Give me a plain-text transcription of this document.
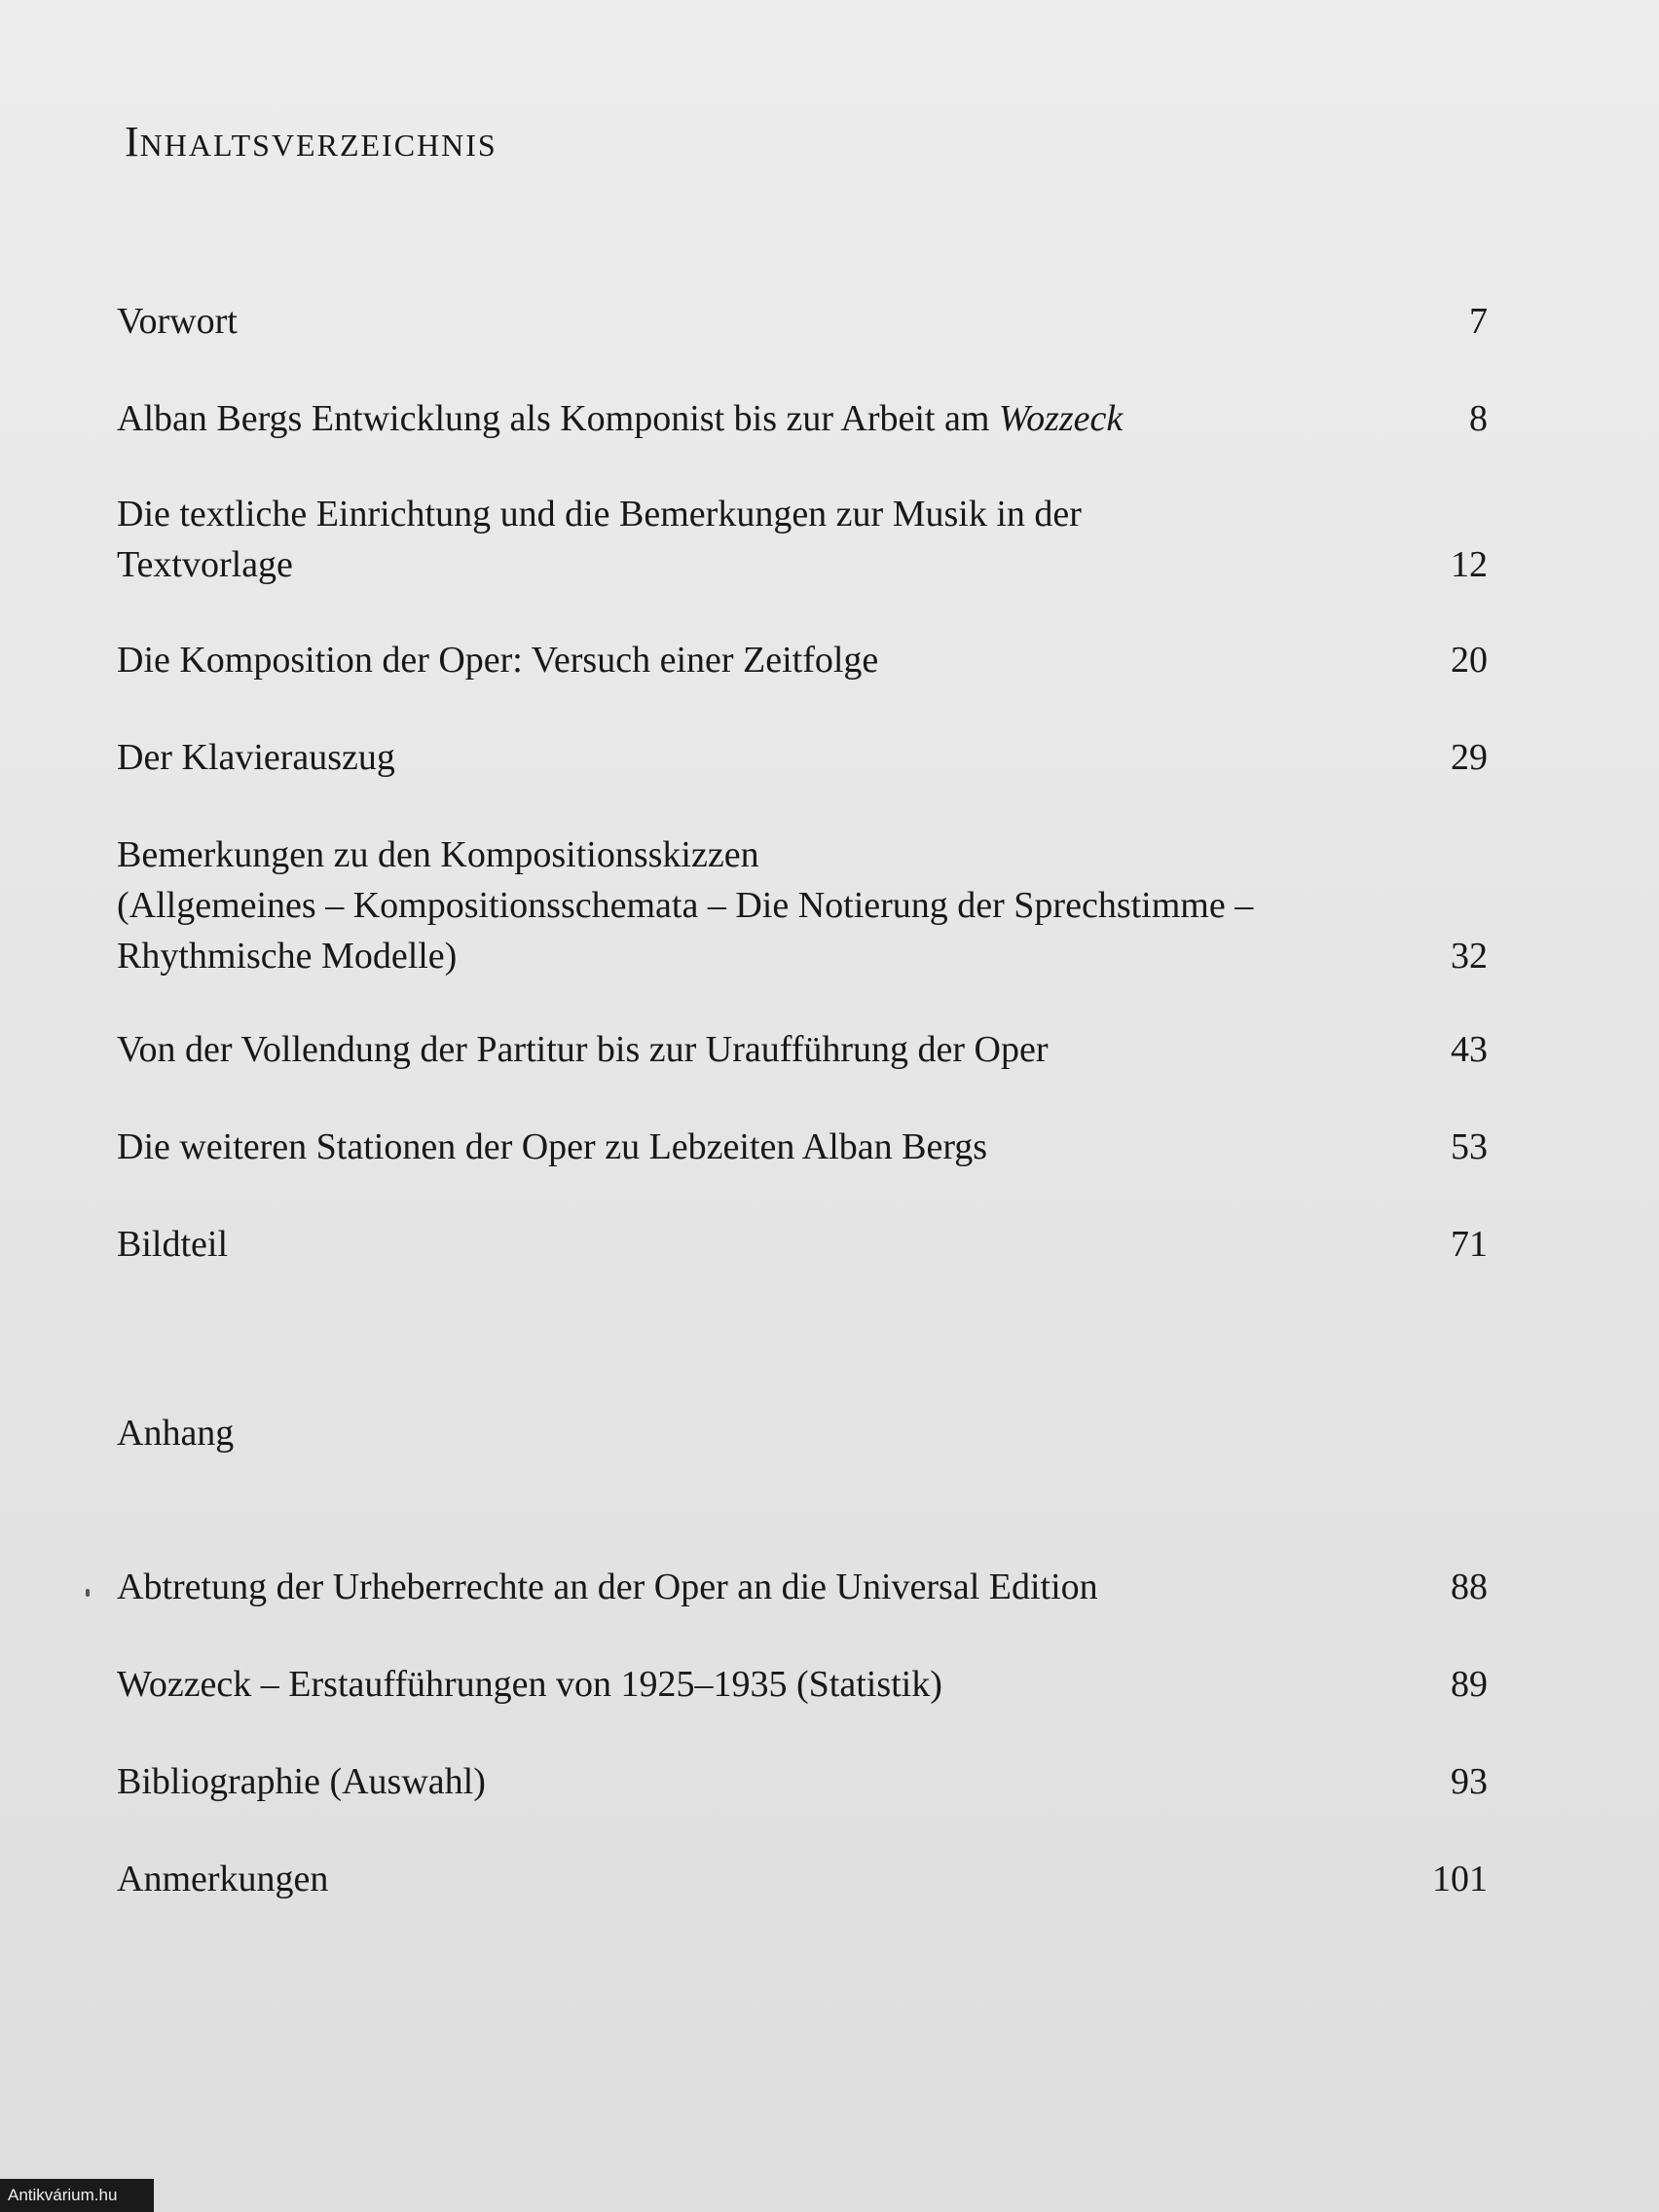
INHALTSVERZEICHNIS
Vorwort	7
Alban Bergs Entwicklung als Komponist bis zur Arbeit am Wozzeck	8
Die textliche Einrichtung und die Bemerkungen zur Musik in der
Textvorlage	12
Die Komposition der Oper: Versuch einer Zeitfolge	20
Der Klavierauszug	29
Bemerkungen zu den Kompositionsskizzen
(Allgemeines – Kompositionsschemata – Die Notierung der Sprechstimme –
Rhythmische Modelle)	32
Von der Vollendung der Partitur bis zur Uraufführung der Oper	43
Die weiteren Stationen der Oper zu Lebzeiten Alban Bergs	53
Bildteil	71
Anhang
Abtretung der Urheberrechte an der Oper an die Universal Edition	88
Wozzeck – Erstaufführungen von 1925–1935 (Statistik)	89
Bibliographie (Auswahl)	93
Anmerkungen	101
Antikvárium.hu
